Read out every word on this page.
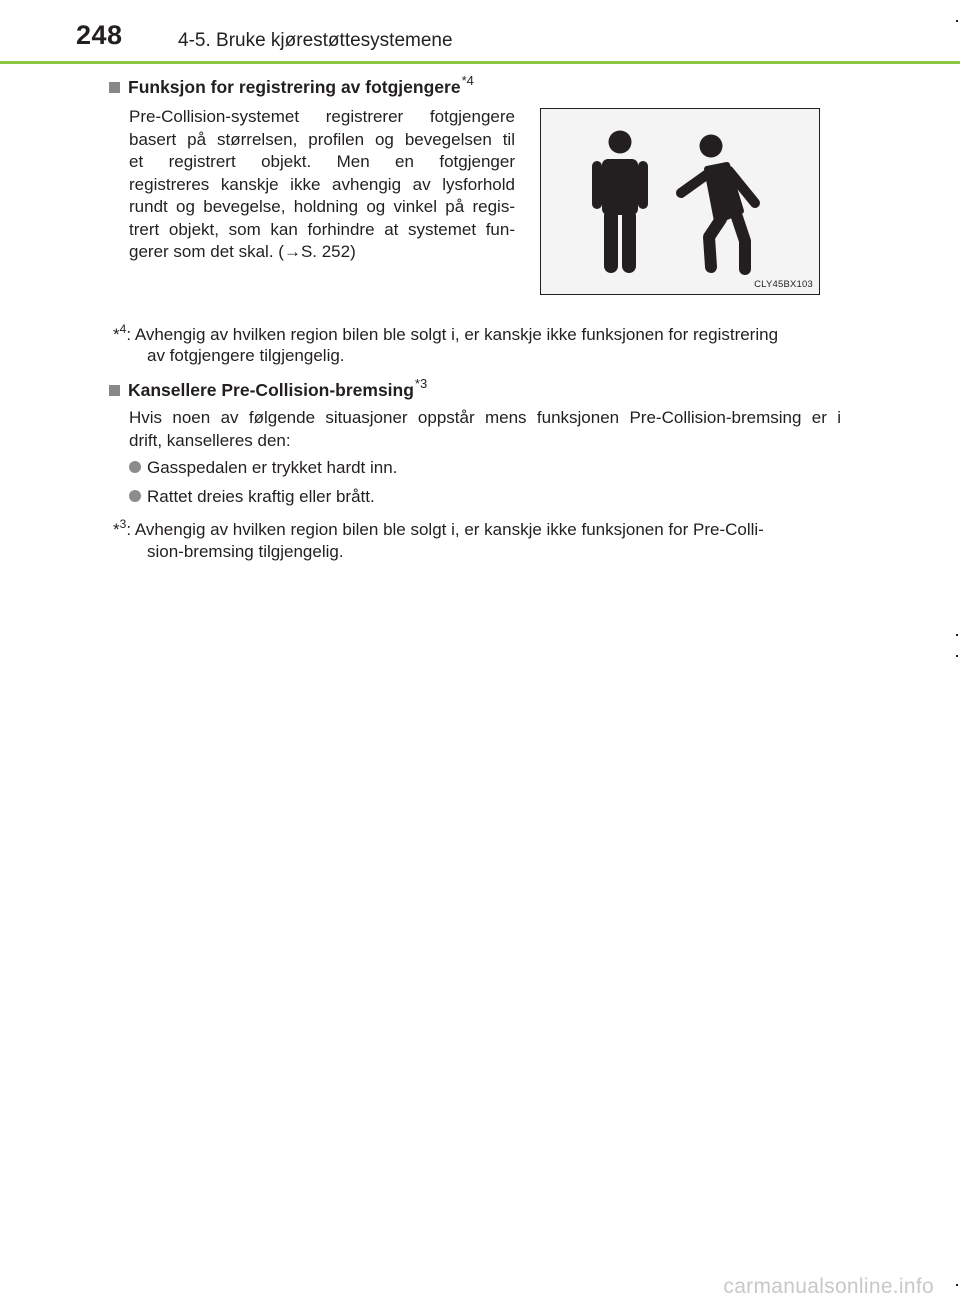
248	4-5. Bruke kjørestøttesystemene
Funksjon for registrering av fotgjengere$^{*4}$
Pre-Collision-systemet registrerer fotgjengere
basert på størrelsen, profilen og bevegelsen til
et registrert objekt. Men en fotgjenger
registreres kanskje ikke avhengig av lysforhold
rundt og bevegelse, holdning og vinkel på regis-
trert objekt, som kan forhindre at systemet fun-
gerer som det skal. (→S. 252)
CLY45BX103
*$^4$: Avhengig av hvilken region bilen ble solgt i, er kanskje ikke funksjonen for registrering
av fotgjengere tilgjengelig.
Kansellere Pre-Collision-bremsing$^{*3}$
Hvis noen av følgende situasjoner oppstår mens funksjonen Pre-Collision-bremsing er i
drift, kanselleres den:
Gasspedalen er trykket hardt inn.
Rattet dreies kraftig eller brått.
*$^3$: Avhengig av hvilken region bilen ble solgt i, er kanskje ikke funksjonen for Pre-Colli-
sion-bremsing tilgjengelig.
carmanualsonline.info
